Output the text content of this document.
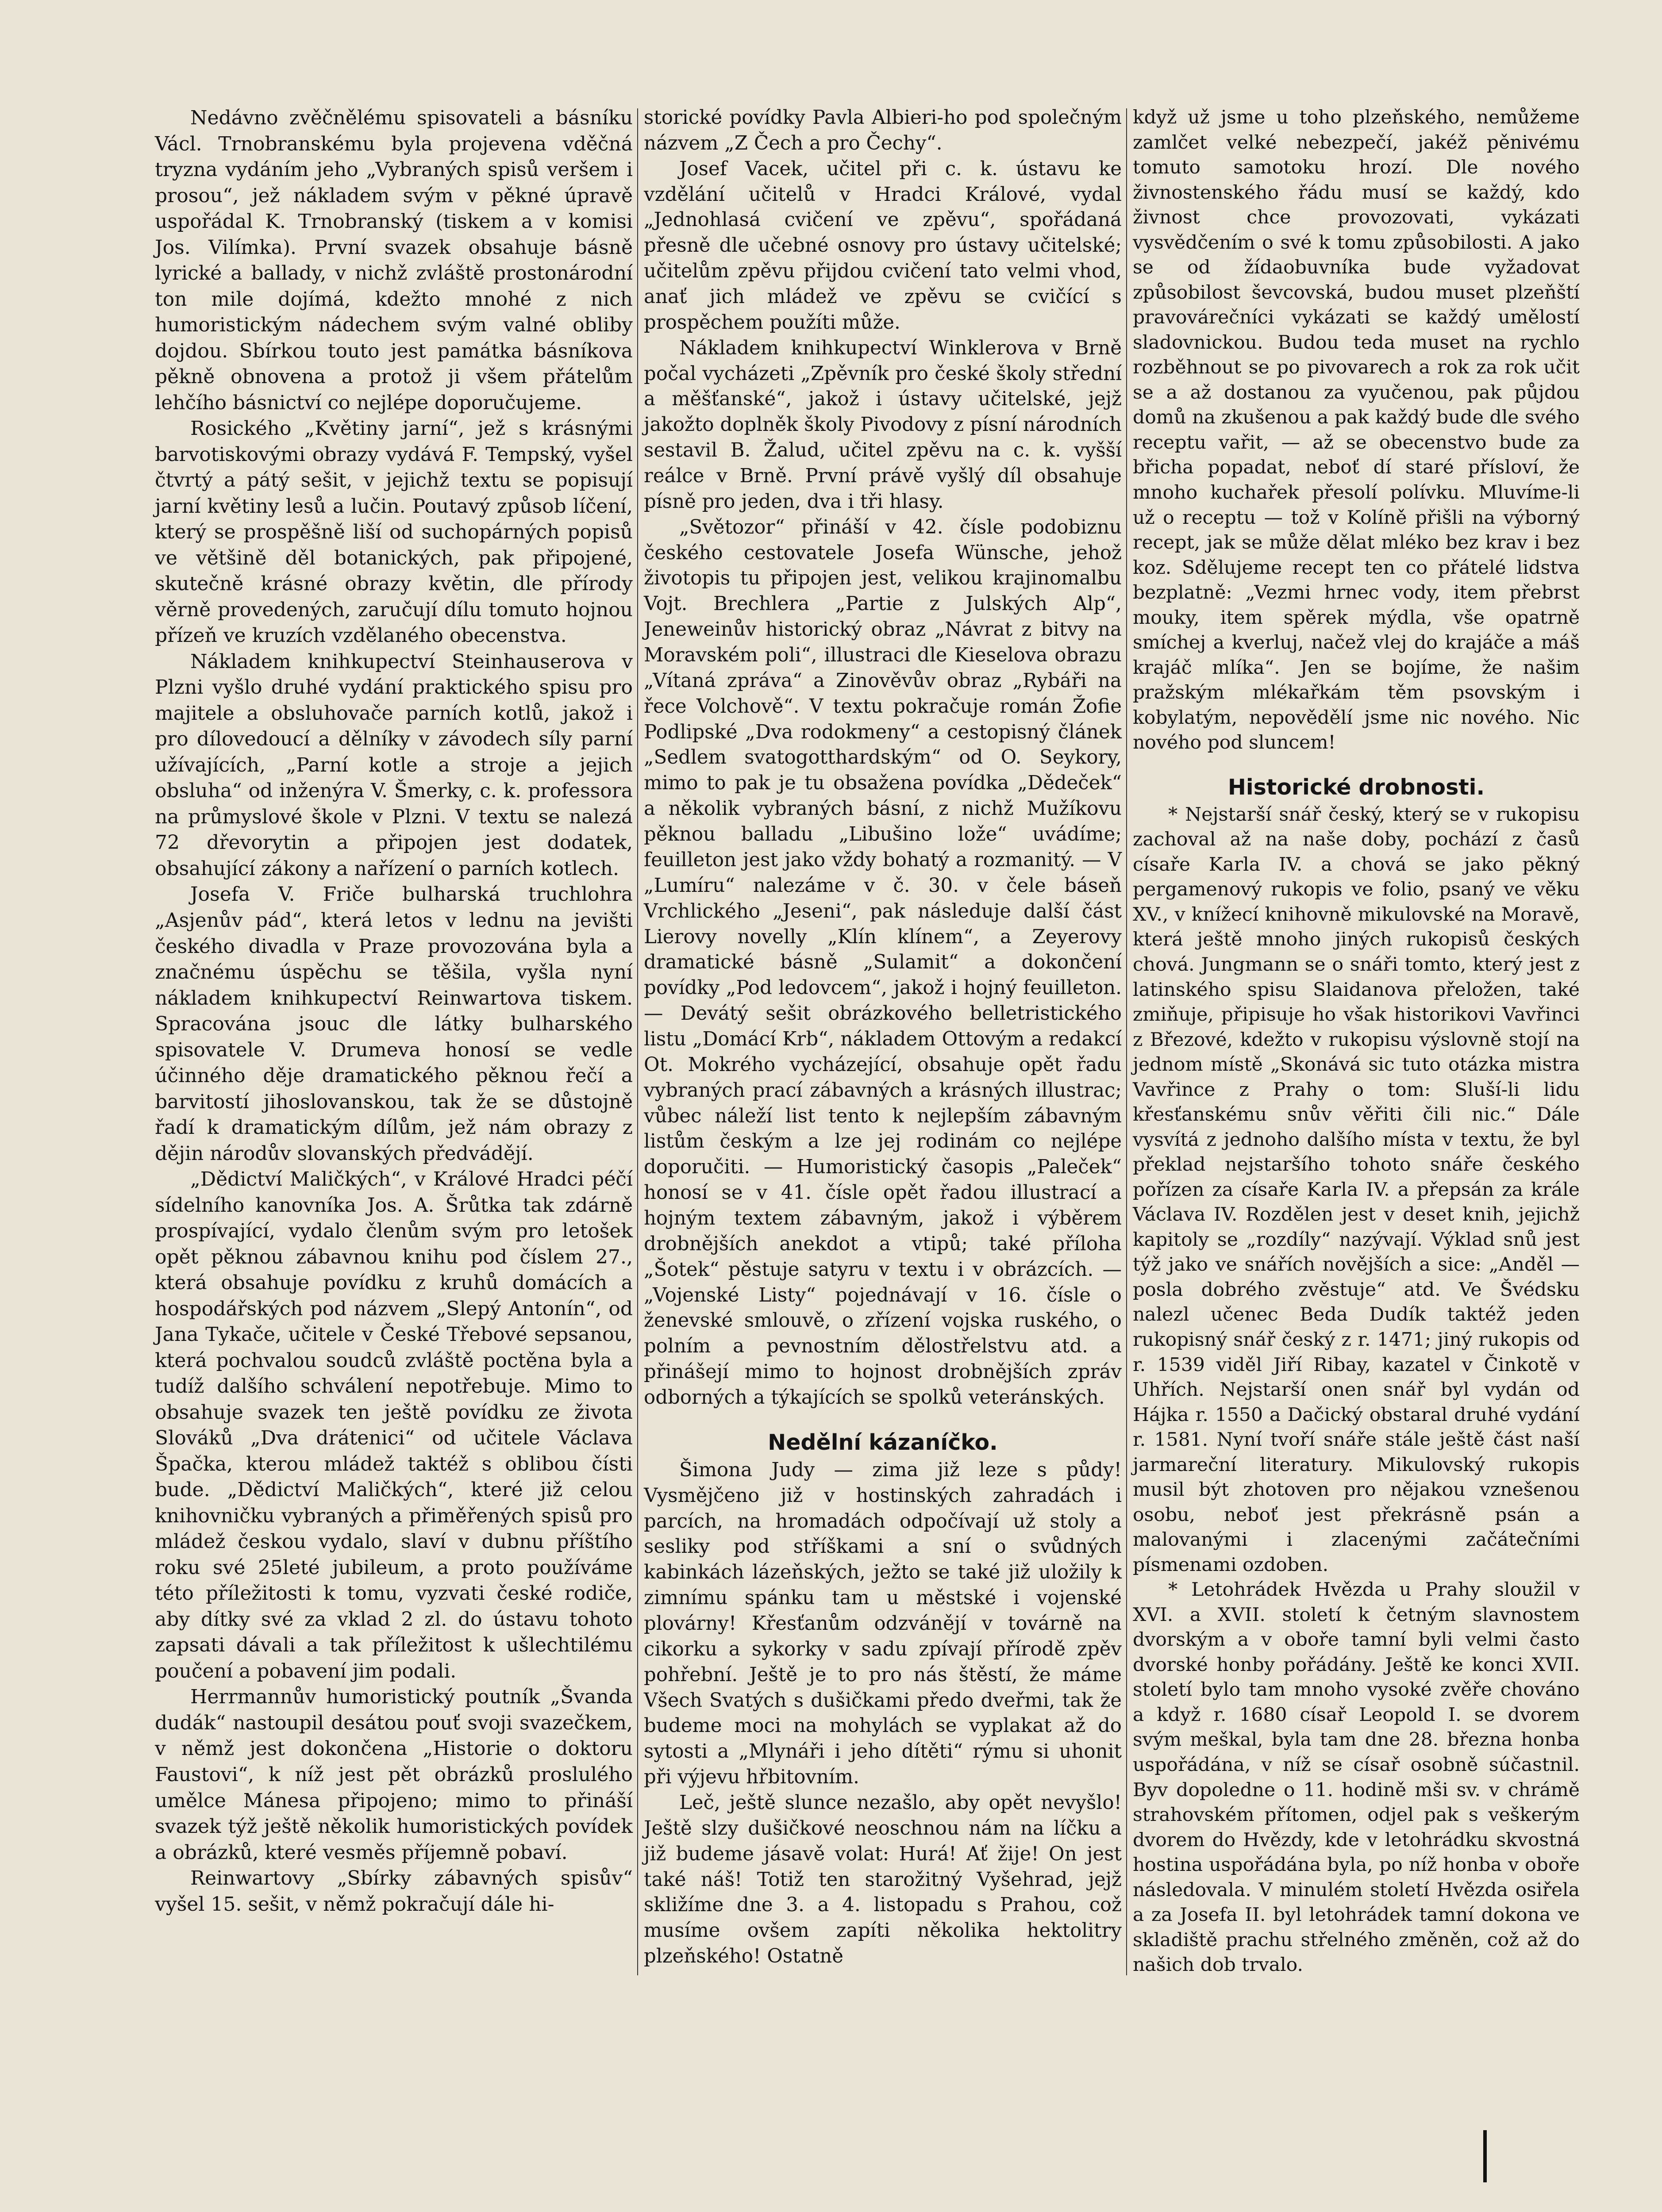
Nedávno zvěčnělému spisovateli a básníku Václ. Trnobranskému byla projevena vděčná tryzna vydáním jeho „Vybraných spisů veršem i prosou“, jež nákladem svým v pěkné úpravě uspořádal K. Trnobranský (tiskem a v komisi Jos. Vilímka). První svazek obsahuje básně lyrické a ballady, v nichž zvláště prostonárodní ton mile dojímá, kdežto mnohé z nich humoristickým nádechem svým valné obliby dojdou. Sbírkou touto jest památka básníkova pěkně obnovena a protož ji všem přátelům lehčího básnictví co nejlépe doporučujeme.

Rosického „Květiny jarní“, jež s krásnými barvotiskovými obrazy vydává F. Tempský, vyšel čtvrtý a pátý sešit, v jejichž textu se popisují jarní květiny lesů a lučin. Poutavý způsob líčení, který se prospěšně liší od suchopárných popisů ve většině děl botanických, pak připojené, skutečně krásné obrazy květin, dle přírody věrně provedených, zaručují dílu tomuto hojnou přízeň ve kruzích vzdělaného obecenstva.

Nákladem knihkupectví Steinhauserova v Plzni vyšlo druhé vydání praktického spisu pro majitele a obsluhovače parních kotlů, jakož i pro dílovedoucí a dělníky v závodech síly parní užívajících, „Parní kotle a stroje a jejich obsluha“ od inženýra V. Šmerky, c. k. professora na průmyslové škole v Plzni. V textu se nalezá 72 dřevorytin a připojen jest dodatek, obsahující zákony a nařízení o parních kotlech.

Josefa V. Friče bulharská truchlohra „Asjenův pád“, která letos v lednu na jevišti českého divadla v Praze provozována byla a značnému úspěchu se těšila, vyšla nyní nákladem knihkupectví Reinwartova tiskem. Spracována jsouc dle látky bulharského spisovatele V. Drumeva honosí se vedle účinného děje dramatického pěknou řečí a barvitostí jihoslovanskou, tak že se důstojně řadí k dramatickým dílům, jež nám obrazy z dějin národův slovanských předvádějí.

„Dědictví Maličkých“, v Králové Hradci péčí sídelního kanovníka Jos. A. Šrůtka tak zdárně prospívající, vydalo členům svým pro letošek opět pěknou zábavnou knihu pod číslem 27., která obsahuje povídku z kruhů domácích a hospodářských pod názvem „Slepý Antonín“, od Jana Tykače, učitele v České Třebové sepsanou, která pochvalou soudců zvláště poctěna byla a tudíž dalšího schválení nepotřebuje. Mimo to obsahuje svazek ten ještě povídku ze života Slováků „Dva drátenici“ od učitele Václava Špačka, kterou mládež taktéž s oblibou čísti bude. „Dědictví Maličkých“, které již celou knihovničku vybraných a přiměřených spisů pro mládež českou vydalo, slaví v dubnu příštího roku své 25leté jubileum, a proto používáme této příležitosti k tomu, vyzvati české rodiče, aby dítky své za vklad 2 zl. do ústavu tohoto zapsati dávali a tak příležitost k ušlechtilému poučení a pobavení jim podali.

Herrmannův humoristický poutník „Švanda dudák“ nastoupil desátou pouť svoji svazečkem, v němž jest dokončena „Historie o doktoru Faustovi“, k níž jest pět obrázků proslulého umělce Mánesa připojeno; mimo to přináší svazek týž ještě několik humoristických povídek a obrázků, které vesměs příjemně pobaví.

Reinwartovy „Sbírky zábavných spisův“ vyšel 15. sešit, v němž pokračují dále hi-

storické povídky Pavla Albieri-ho pod společným názvem „Z Čech a pro Čechy“.

Josef Vacek, učitel při c. k. ústavu ke vzdělání učitelů v Hradci Králové, vydal „Jednohlasá cvičení ve zpěvu“, spořádaná přesně dle učebné osnovy pro ústavy učitelské; učitelům zpěvu přijdou cvičení tato velmi vhod, anať jich mládež ve zpěvu se cvičící s prospěchem použíti může.

Nákladem knihkupectví Winklerova v Brně počal vycházeti „Zpěvník pro české školy střední a měšťanské“, jakož i ústavy učitelské, jejž jakožto doplněk školy Pivodovy z písní národních sestavil B. Žalud, učitel zpěvu na c. k. vyšší reálce v Brně. První právě vyšlý díl obsahuje písně pro jeden, dva i tři hlasy.

„Světozor“ přináší v 42. čísle podobiznu českého cestovatele Josefa Wünsche, jehož životopis tu připojen jest, velikou krajinomalbu Vojt. Brechlera „Partie z Julských Alp“, Jeneweinův historický obraz „Návrat z bitvy na Moravském poli“, illustraci dle Kieselova obrazu „Vítaná zpráva“ a Zinověvův obraz „Rybáři na řece Volchově“. V textu pokračuje román Žofie Podlipské „Dva rodokmeny“ a cestopisný článek „Sedlem svatogotthardským“ od O. Seykory, mimo to pak je tu obsažena povídka „Dědeček“ a několik vybraných básní, z nichž Mužíkovu pěknou balladu „Libušino lože“ uvádíme; feuilleton jest jako vždy bohatý a rozmanitý. — V „Lumíru“ nalezáme v č. 30. v čele báseň Vrchlického „Jeseni“, pak následuje další část Lierovy novelly „Klín klínem“, a Zeyerovy dramatické básně „Sulamit“ a dokončení povídky „Pod ledovcem“, jakož i hojný feuilleton. — Devátý sešit obrázkového belletristického listu „Domácí Krb“, nákladem Ottovým a redakcí Ot. Mokrého vycházející, obsahuje opět řadu vybraných prací zábavných a krásných illustrac; vůbec náleží list tento k nejlepším zábavným listům českým a lze jej rodinám co nejlépe doporučiti. — Humoristický časopis „Paleček“ honosí se v 41. čísle opět řadou illustrací a hojným textem zábavným, jakož i výběrem drobnějších anekdot a vtipů; také příloha „Šotek“ pěstuje satyru v textu i v obrázcích. — „Vojenské Listy“ pojednávají v 16. čísle o ženevské smlouvě, o zřízení vojska ruského, o polním a pevnostním dělostřelstvu atd. a přinášejí mimo to hojnost drobnějších zpráv odborných a týkajících se spolků veteránských.

Nedělní kázaníčko.

Šimona Judy — zima již leze s půdy! Vysmějčeno již v hostinských zahradách i parcích, na hromadách odpočívají už stoly a sesliky pod stříškami a sní o svůdných kabinkách lázeňských, ježto se také již uložily k zimnímu spánku tam u městské i vojenské plovárny! Křesťanům odzvánějí v továrně na cikorku a sykorky v sadu zpívají přírodě zpěv pohřební. Ještě je to pro nás štěstí, že máme Všech Svatých s dušičkami předo dveřmi, tak že budeme moci na mohylách se vyplakat až do sytosti a „Mlynáři i jeho dítěti“ rýmu si uhonit při výjevu hřbitovním.

Leč, ještě slunce nezašlo, aby opět nevyšlo! Ještě slzy dušičkové neoschnou nám na líčku a již budeme jásavě volat: Hurá! Ať žije! On jest také náš! Totiž ten starožitný Vyšehrad, jejž skližíme dne 3. a 4. listopadu s Prahou, což musíme ovšem zapíti několika hektolitry plzeňského! Ostatně

když už jsme u toho plzeňského, nemůžeme zamlčet velké nebezpečí, jakéž pěnivému tomuto samotoku hrozí. Dle nového živnostenského řádu musí se každý, kdo živnost chce provozovati, vykázati vysvědčením o své k tomu způsobilosti. A jako se od žídaobuvníka bude vyžadovat způsobilost ševcovská, budou muset plzeňští pravovárečníci vykázati se každý umělostí sladovnickou. Budou teda muset na rychlo rozběhnout se po pivovarech a rok za rok učit se a až dostanou za vyučenou, pak půjdou domů na zkušenou a pak každý bude dle svého receptu vařit, — až se obecenstvo bude za břicha popadat, neboť dí staré přísloví, že mnoho kuchařek přesolí polívku. Mluvíme-li už o receptu — tož v Kolíně přišli na výborný recept, jak se může dělat mléko bez krav i bez koz. Sdělujeme recept ten co přátelé lidstva bezplatně: „Vezmi hrnec vody, item přebrst mouky, item spěrek mýdla, vše opatrně smíchej a kverluj, načež vlej do krajáče a máš krajáč mlíka“. Jen se bojíme, že našim pražským mlékařkám těm psovským i kobylatým, nepovědělí jsme nic nového. Nic nového pod sluncem!

Historické drobnosti.

* Nejstarší snář český, který se v rukopisu zachoval až na naše doby, pochází z časů císaře Karla IV. a chová se jako pěkný pergamenový rukopis ve folio, psaný ve věku XV., v knížecí knihovně mikulovské na Moravě, která ještě mnoho jiných rukopisů českých chová. Jungmann se o snáři tomto, který jest z latinského spisu Slaidanova přeložen, také zmiňuje, připisuje ho však historikovi Vavřinci z Březové, kdežto v rukopisu výslovně stojí na jednom místě „Skonává sic tuto otázka mistra Vavřince z Prahy o tom: Sluší-li lidu křesťanskému snův věřiti čili nic.“ Dále vysvítá z jednoho dalšího místa v textu, že byl překlad nejstaršího tohoto snáře českého pořízen za císaře Karla IV. a přepsán za krále Václava IV. Rozdělen jest v deset knih, jejichž kapitoly se „rozdíly“ nazývají. Výklad snů jest týž jako ve snářích novějších a sice: „Anděl — posla dobrého zvěstuje“ atd. Ve Švédsku nalezl učenec Beda Dudík taktéž jeden rukopisný snář český z r. 1471; jiný rukopis od r. 1539 viděl Jiří Ribay, kazatel v Činkotě v Uhřích. Nejstarší onen snář byl vydán od Hájka r. 1550 a Dačický obstaral druhé vydání r. 1581. Nyní tvoří snáře stále ještě část naší jarmareční literatury. Mikulovský rukopis musil být zhotoven pro nějakou vznešenou osobu, neboť jest překrásně psán a malovanými i zlacenými začátečními písmenami ozdoben.

* Letohrádek Hvězda u Prahy sloužil v XVI. a XVII. století k četným slavnostem dvorským a v oboře tamní byli velmi často dvorské honby pořádány. Ještě ke konci XVII. století bylo tam mnoho vysoké zvěře chováno a když r. 1680 císař Leopold I. se dvorem svým meškal, byla tam dne 28. března honba uspořádána, v níž se císař osobně súčastnil. Byv dopoledne o 11. hodině mši sv. v chrámě strahovském přítomen, odjel pak s veškerým dvorem do Hvězdy, kde v letohrádku skvostná hostina uspořádána byla, po níž honba v oboře následovala. V minulém století Hvězda osiřela a za Josefa II. byl letohrádek tamní dokona ve skladiště prachu střelného změněn, což až do našich dob trvalo.
